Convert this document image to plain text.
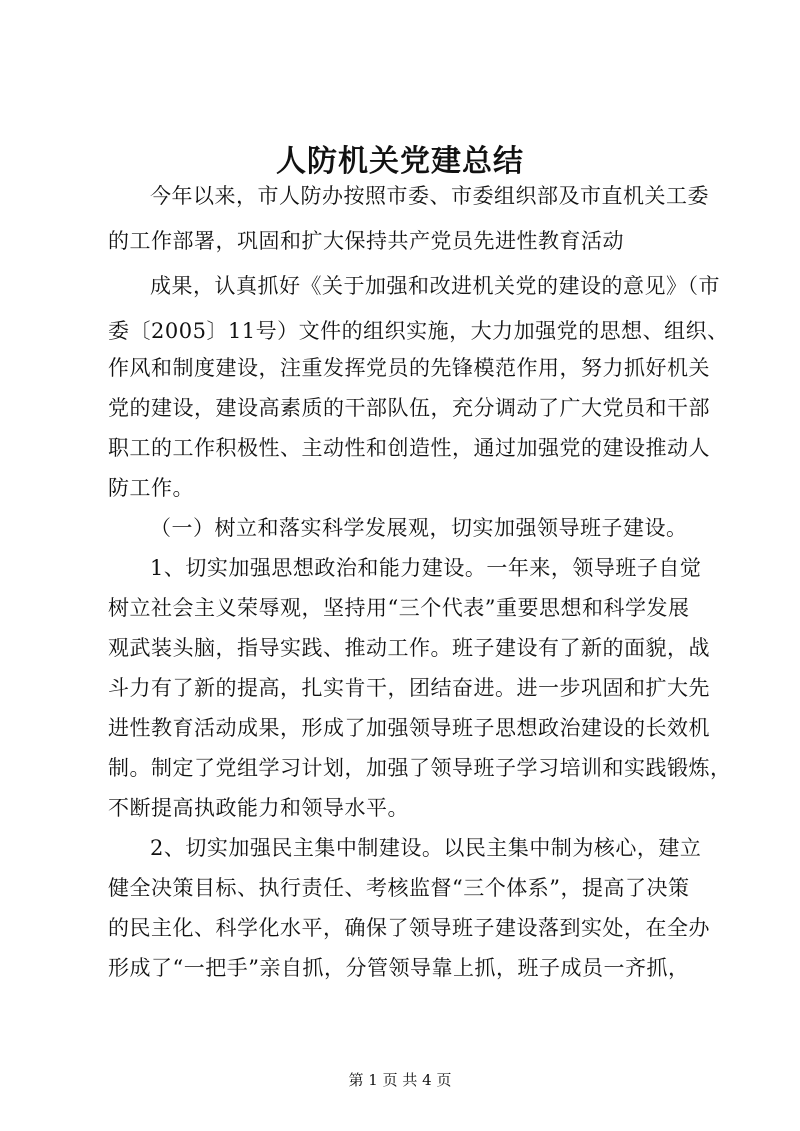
人防机关党建总结
今年以来，市人防办按照市委、市委组织部及市直机关工委
的工作部署，巩固和扩大保持共产党员先进性教育活动
成果，认真抓好《关于加强和改进机关党的建设的意见》（市
委〔2005〕11号）文件的组织实施，大力加强党的思想、组织、
作风和制度建设，注重发挥党员的先锋模范作用，努力抓好机关
党的建设，建设高素质的干部队伍，充分调动了广大党员和干部
职工的工作积极性、主动性和创造性，通过加强党的建设推动人
防工作。
（一）树立和落实科学发展观，切实加强领导班子建设。
1、切实加强思想政治和能力建设。一年来，领导班子自觉
树立社会主义荣辱观，坚持用“三个代表”重要思想和科学发展
观武装头脑，指导实践、推动工作。班子建设有了新的面貌，战
斗力有了新的提高，扎实肯干，团结奋进。进一步巩固和扩大先
进性教育活动成果，形成了加强领导班子思想政治建设的长效机
制。制定了党组学习计划，加强了领导班子学习培训和实践锻炼，
不断提高执政能力和领导水平。
2、切实加强民主集中制建设。以民主集中制为核心，建立
健全决策目标、执行责任、考核监督“三个体系”，提高了决策
的民主化、科学化水平，确保了领导班子建设落到实处，在全办
形成了“一把手”亲自抓，分管领导靠上抓，班子成员一齐抓，
第 1 页 共 4 页
